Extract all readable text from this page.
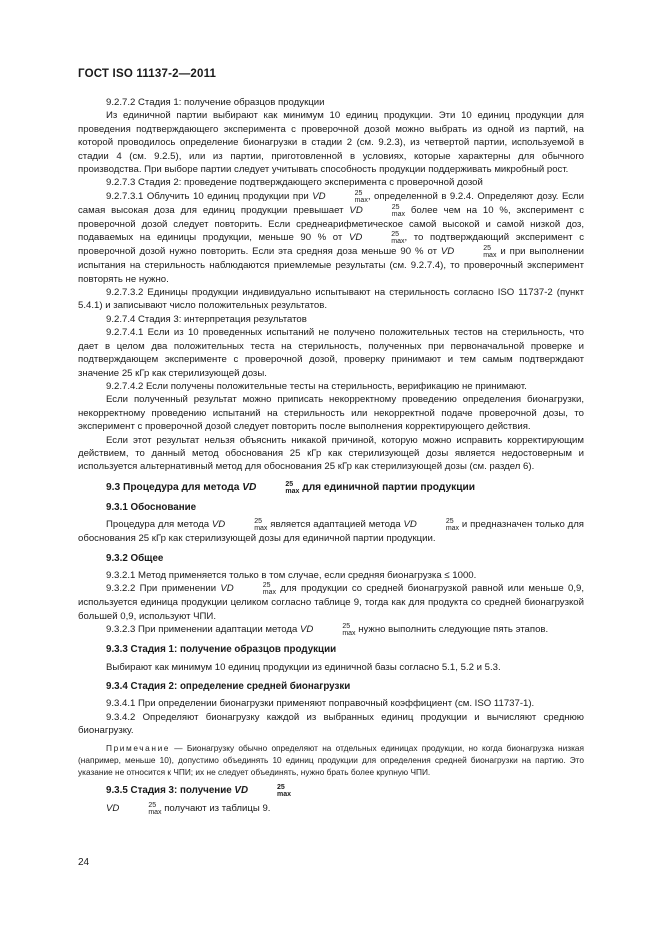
ГОСТ ISO 11137-2—2011

9.2.7.2 Стадия 1: получение образцов продукции

Из единичной партии выбирают как минимум 10 единиц продукции. Эти 10 единиц продукции для проведения подтверждающего эксперимента с проверочной дозой можно выбрать из одной из партий, на которой проводилось определение бионагрузки в стадии 2 (см. 9.2.3), из четвертой партии, используемой в стадии 4 (см. 9.2.5), или из партии, приготовленной в условиях, которые характерны для обычного производства. При выборе партии следует учитывать способность продукции поддерживать микробный рост.

9.2.7.3 Стадия 2: проведение подтверждающего эксперимента с проверочной дозой

9.2.7.3.1 Облучить 10 единиц продукции при VD	25
max , определенной в 9.2.4. Определяют дозу. Если самая высокая доза для единиц продукции превышает VD	25
max более чем на 10 %, эксперимент с проверочной дозой следует повторить. Если среднеарифметическое самой высокой и самой низкой доз, подаваемых на единицы продукции, меньше 90 % от VD	25
max , то подтверждающий эксперимент с проверочной дозой нужно повторить. Если эта средняя доза меньше 90 % от VD	25
max и при выполнении испытания на стерильность наблюдаются приемлемые результаты (см. 9.2.7.4), то проверочный эксперимент повторять не нужно.

9.2.7.3.2 Единицы продукции индивидуально испытывают на стерильность согласно ISO 11737-2 (пункт 5.4.1) и записывают число положительных результатов.

9.2.7.4 Стадия 3: интерпретация результатов

9.2.7.4.1 Если из 10 проведенных испытаний не получено положительных тестов на стерильность, что дает в целом два положительных теста на стерильность, полученных при первоначальной проверке и подтверждающем эксперименте с проверочной дозой, проверку принимают и тем самым подтверждают значение 25 кГр как стерилизующей дозы.

9.2.7.4.2 Если получены положительные тесты на стерильность, верификацию не принимают.

Если полученный результат можно приписать некорректному проведению определения бионагрузки, некорректному проведению испытаний на стерильность или некорректной подаче проверочной дозы, то эксперимент с проверочной дозой следует повторить после выполнения корректирующего действия.

Если этот результат нельзя объяснить никакой причиной, которую можно исправить корректирующим действием, то данный метод обоснования 25 кГр как стерилизующей дозы является недостоверным и используется альтернативный метод для обоснования 25 кГр как стерилизующей дозы (см. раздел 6).

9.3 Процедура для метода VD	25
max для единичной партии продукции
9.3.1 Обоснование

Процедура для метода VD	25
max является адаптацией метода VD	25
max и предназначен только для обоснования 25 кГр как стерилизующей дозы для единичной партии продукции.

9.3.2 Общее

9.3.2.1 Метод применяется только в том случае, если средняя бионагрузка ≤ 1000.

9.3.2.2 При применении VD	25
max для продукции со средней бионагрузкой равной или меньше 0,9, используется единица продукции целиком согласно таблице 9, тогда как для продукта со средней бионагрузкой большей 0,9, используют ЧПИ.

9.3.2.3 При применении адаптации метода VD	25
max нужно выполнить следующие пять этапов.

9.3.3 Стадия 1: получение образцов продукции

Выбирают как минимум 10 единиц продукции из единичной базы согласно 5.1, 5.2 и 5.3.

9.3.4 Стадия 2: определение средней бионагрузки

9.3.4.1 При определении бионагрузки применяют поправочный коэффициент (см. ISO 11737-1).

9.3.4.2 Определяют бионагрузку каждой из выбранных единиц продукции и вычисляют среднюю бионагрузку.

Примечание — Бионагрузку обычно определяют на отдельных единицах продукции, но когда бионагрузка низкая (например, меньше 10), допустимо объединять 10 единиц продукции для определения средней бионагрузки на партию. Это указание не относится к ЧПИ; их не следует объединять, нужно брать более крупную ЧПИ.

9.3.5 Стадия 3: получение VD	25
max

VD	25
max получают из таблицы 9.

24
